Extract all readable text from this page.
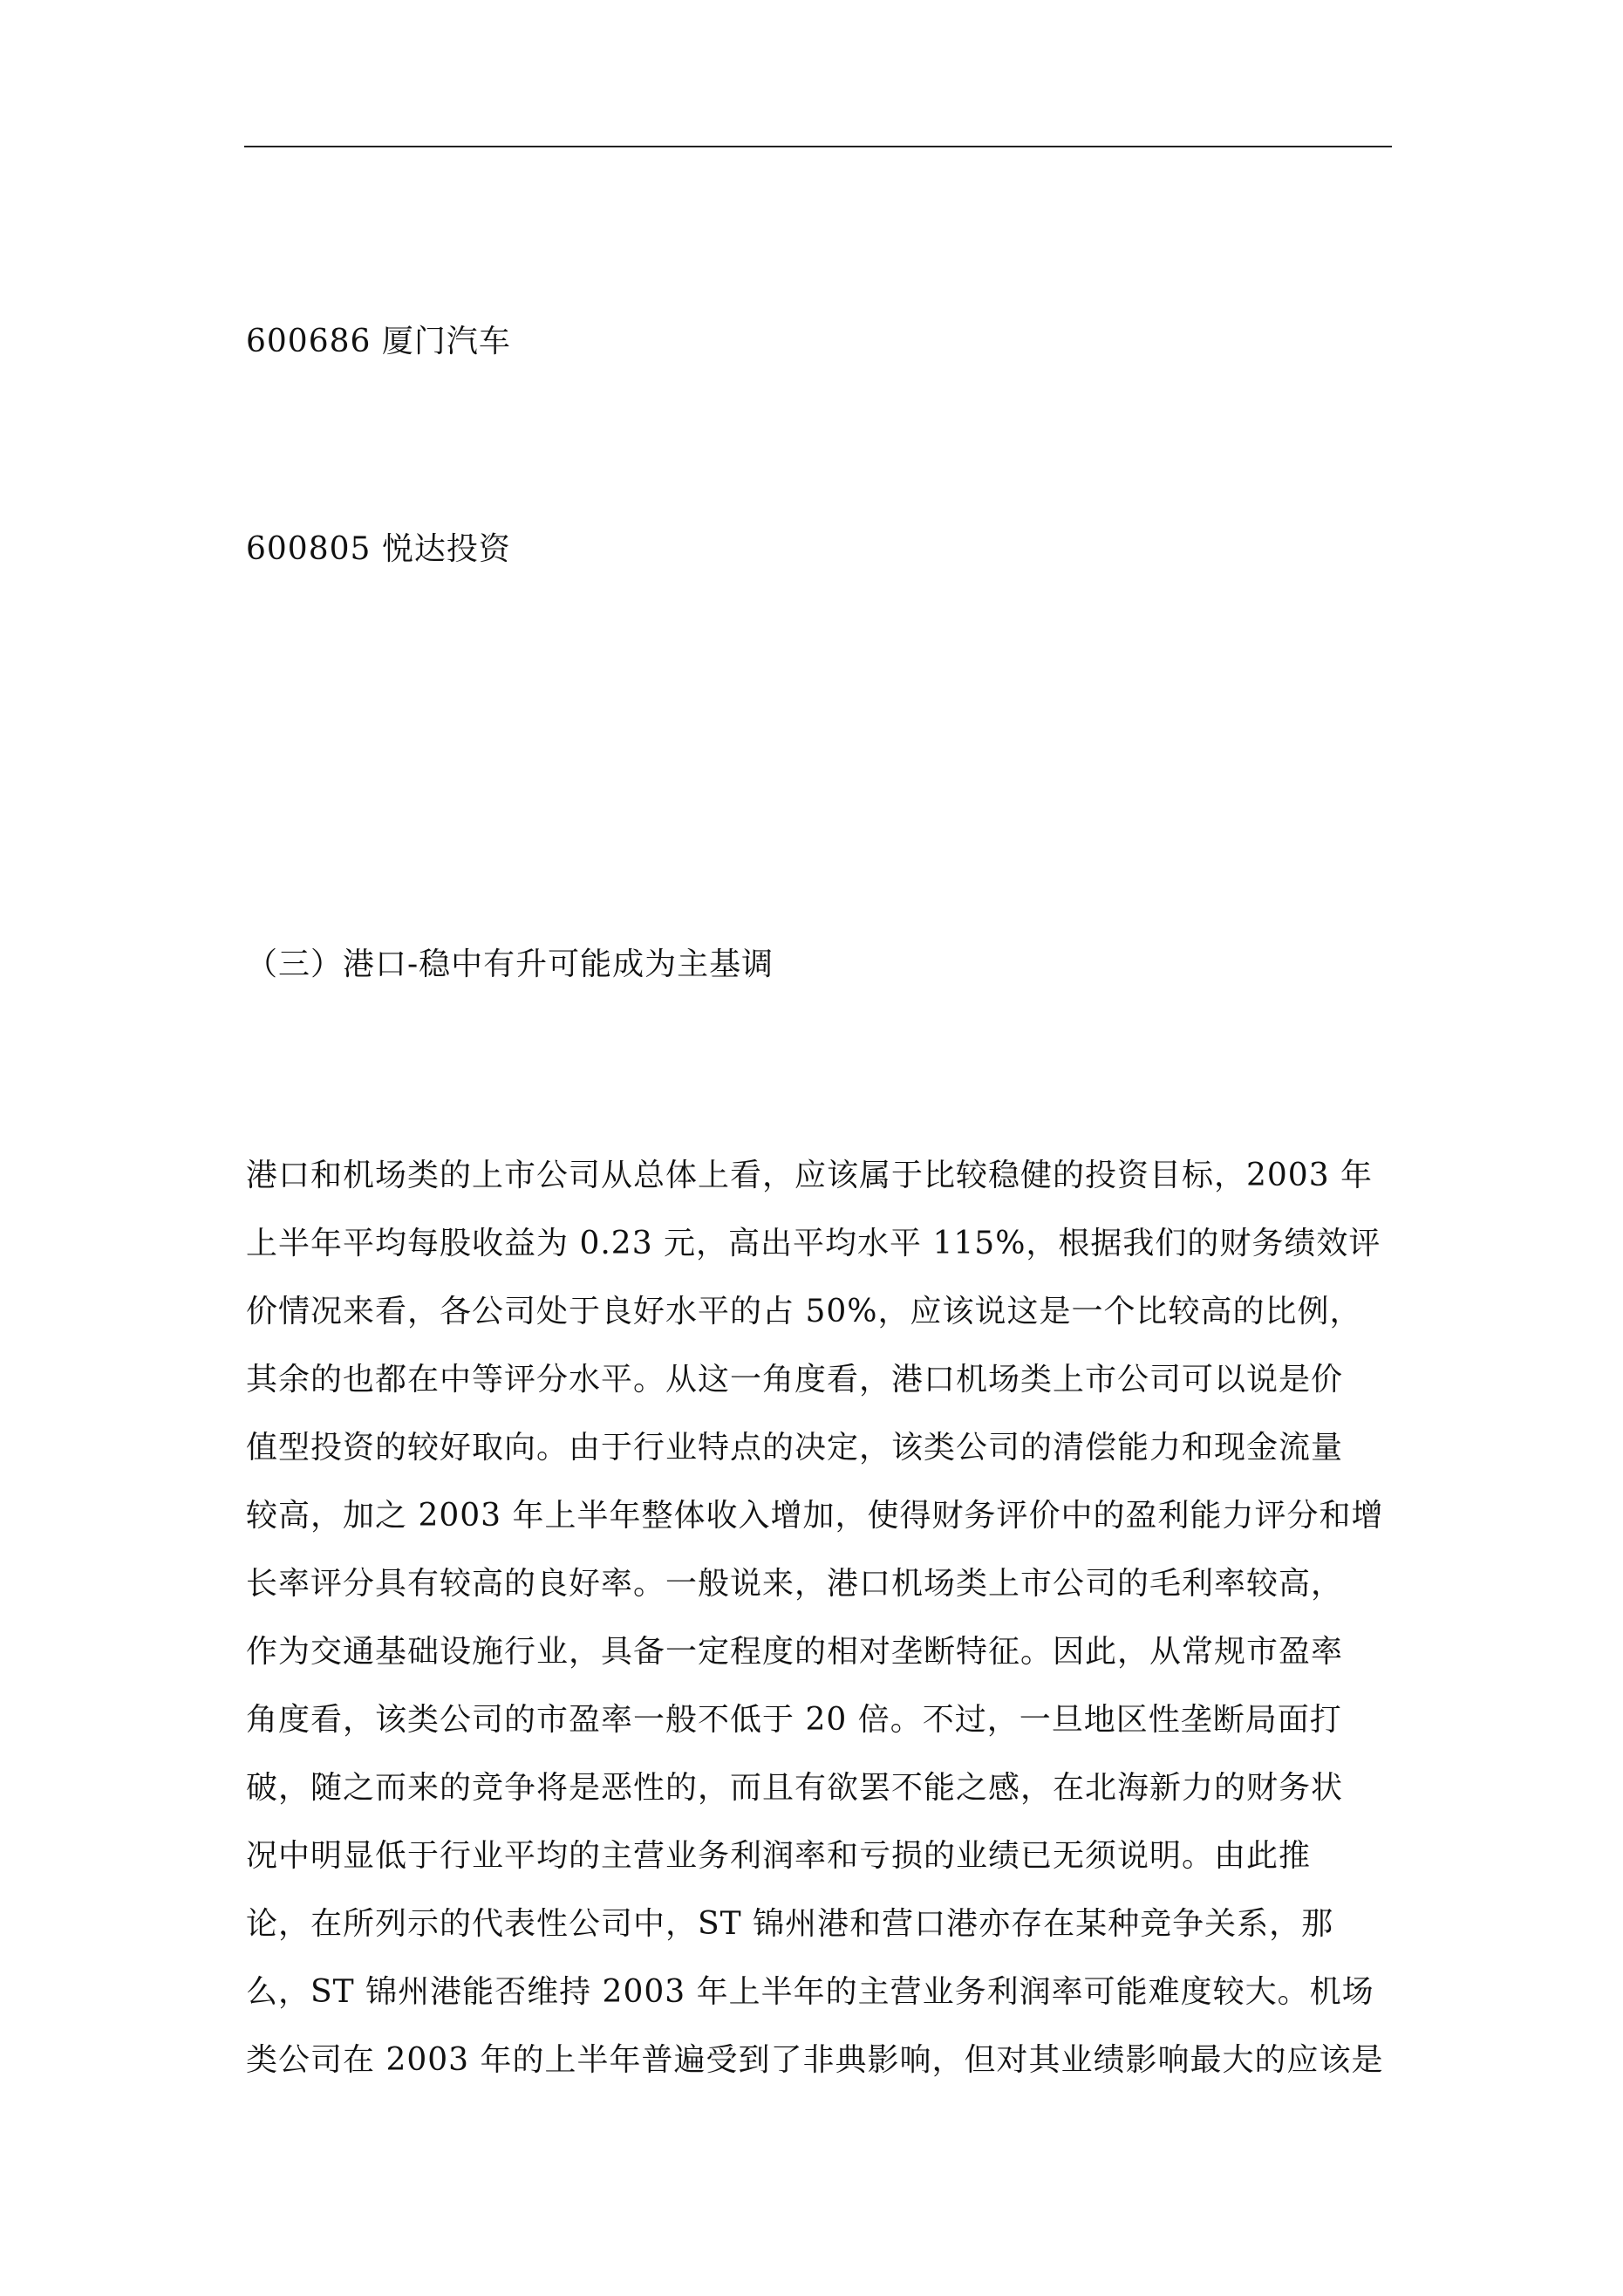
600686 厦门汽车
600805 悦达投资
（三）港口-稳中有升可能成为主基调
港口和机场类的上市公司从总体上看，应该属于比较稳健的投资目标，2003 年
上半年平均每股收益为 0.23 元，高出平均水平 115%，根据我们的财务绩效评
价情况来看，各公司处于良好水平的占 50%，应该说这是一个比较高的比例，
其余的也都在中等评分水平。从这一角度看，港口机场类上市公司可以说是价
值型投资的较好取向。由于行业特点的决定，该类公司的清偿能力和现金流量
较高，加之 2003 年上半年整体收入增加，使得财务评价中的盈利能力评分和增
长率评分具有较高的良好率。一般说来，港口机场类上市公司的毛利率较高，
作为交通基础设施行业，具备一定程度的相对垄断特征。因此，从常规市盈率
角度看，该类公司的市盈率一般不低于 20 倍。不过，一旦地区性垄断局面打
破，随之而来的竞争将是恶性的，而且有欲罢不能之感，在北海新力的财务状
况中明显低于行业平均的主营业务利润率和亏损的业绩已无须说明。由此推
论，在所列示的代表性公司中，ST 锦州港和营口港亦存在某种竞争关系，那
么，ST 锦州港能否维持 2003 年上半年的主营业务利润率可能难度较大。机场
类公司在 2003 年的上半年普遍受到了非典影响，但对其业绩影响最大的应该是
